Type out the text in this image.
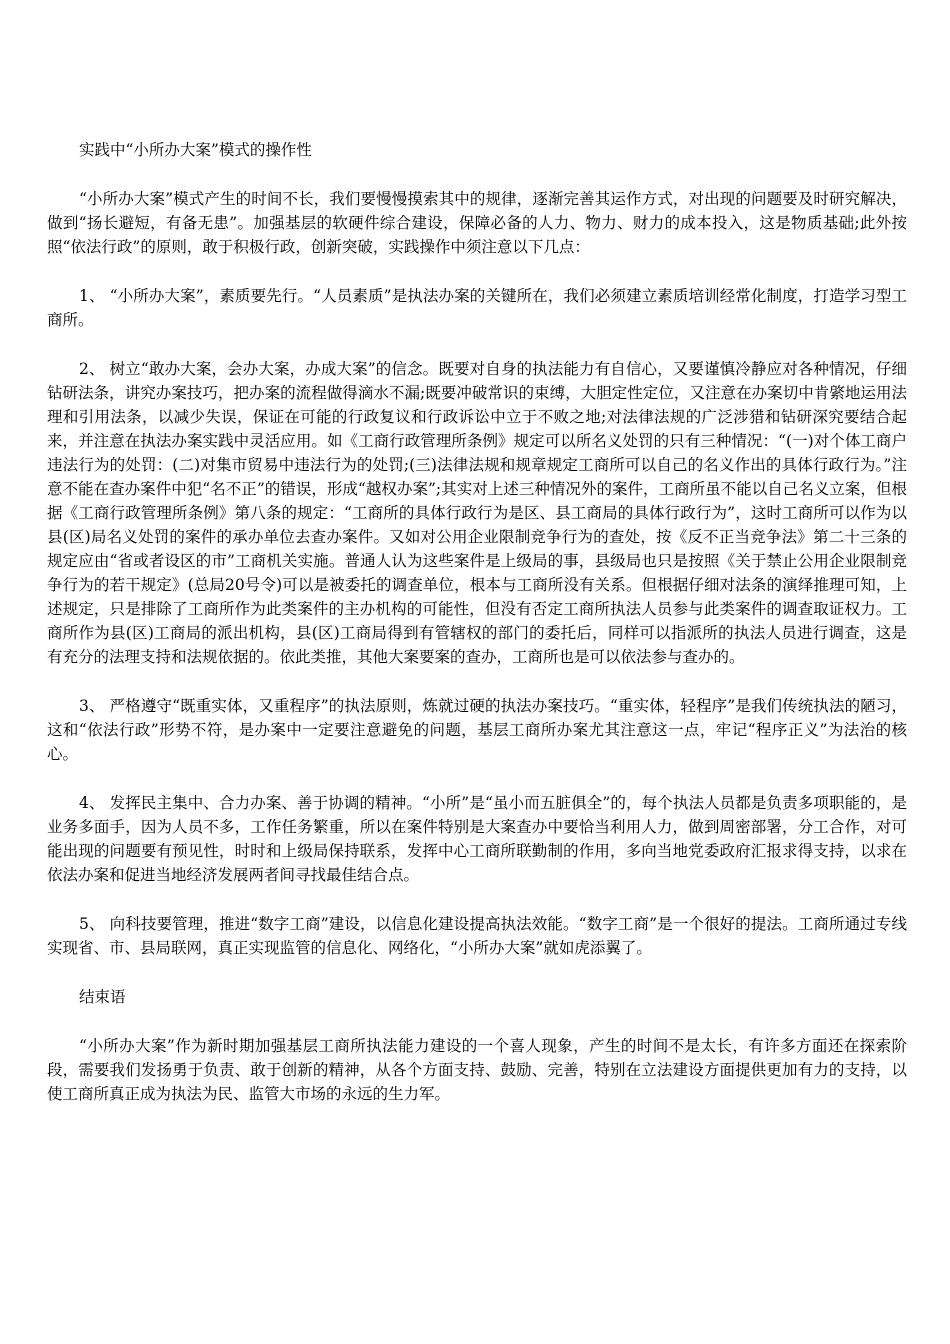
实践中“小所办大案”模式的操作性

“小所办大案”模式产生的时间不长，我们要慢慢摸索其中的规律，逐渐完善其运作方式，对出现的问题要及时研究解决，做到“扬长避短，有备无患”。加强基层的软硬件综合建设，保障必备的人力、物力、财力的成本投入，这是物质基础;此外按照“依法行政”的原则，敢于积极行政，创新突破，实践操作中须注意以下几点：

1、 “小所办大案”，素质要先行。“人员素质”是执法办案的关键所在，我们必须建立素质培训经常化制度，打造学习型工商所。

2、 树立“敢办大案，会办大案，办成大案”的信念。既要对自身的执法能力有自信心，又要谨慎冷静应对各种情况，仔细钻研法条，讲究办案技巧，把办案的流程做得滴水不漏;既要冲破常识的束缚，大胆定性定位，又注意在办案切中肯綮地运用法理和引用法条，以减少失误，保证在可能的行政复议和行政诉讼中立于不败之地;对法律法规的广泛涉猎和钻研深究要结合起来，并注意在执法办案实践中灵活应用。如《工商行政管理所条例》规定可以所名义处罚的只有三种情况：“(一)对个体工商户违法行为的处罚：(二)对集市贸易中违法行为的处罚;(三)法律法规和规章规定工商所可以自己的名义作出的具体行政行为。”注意不能在查办案件中犯“名不正”的错误，形成“越权办案”;其实对上述三种情况外的案件，工商所虽不能以自己名义立案，但根据《工商行政管理所条例》第八条的规定：“工商所的具体行政行为是区、县工商局的具体行政行为”，这时工商所可以作为以县(区)局名义处罚的案件的承办单位去查办案件。又如对公用企业限制竞争行为的查处，按《反不正当竞争法》第二十三条的规定应由“省或者设区的市”工商机关实施。普通人认为这些案件是上级局的事，县级局也只是按照《关于禁止公用企业限制竞争行为的若干规定》(总局20号令)可以是被委托的调查单位，根本与工商所没有关系。但根据仔细对法条的演绎推理可知，上述规定，只是排除了工商所作为此类案件的主办机构的可能性，但没有否定工商所执法人员参与此类案件的调查取证权力。工商所作为县(区)工商局的派出机构，县(区)工商局得到有管辖权的部门的委托后，同样可以指派所的执法人员进行调查，这是有充分的法理支持和法规依据的。依此类推，其他大案要案的查办，工商所也是可以依法参与查办的。

3、 严格遵守“既重实体，又重程序”的执法原则，炼就过硬的执法办案技巧。“重实体，轻程序”是我们传统执法的陋习，这和“依法行政”形势不符，是办案中一定要注意避免的问题，基层工商所办案尤其注意这一点，牢记“程序正义”为法治的核心。

4、 发挥民主集中、合力办案、善于协调的精神。“小所”是“虽小而五脏俱全”的，每个执法人员都是负责多项职能的，是业务多面手，因为人员不多，工作任务繁重，所以在案件特别是大案查办中要恰当利用人力，做到周密部署，分工合作，对可能出现的问题要有预见性，时时和上级局保持联系，发挥中心工商所联勤制的作用，多向当地党委政府汇报求得支持，以求在依法办案和促进当地经济发展两者间寻找最佳结合点。

5、 向科技要管理，推进“数字工商”建设，以信息化建设提高执法效能。“数字工商”是一个很好的提法。工商所通过专线实现省、市、县局联网，真正实现监管的信息化、网络化，“小所办大案”就如虎添翼了。

结束语

“小所办大案”作为新时期加强基层工商所执法能力建设的一个喜人现象，产生的时间不是太长，有许多方面还在探索阶段，需要我们发扬勇于负责、敢于创新的精神，从各个方面支持、鼓励、完善，特别在立法建设方面提供更加有力的支持，以使工商所真正成为执法为民、监管大市场的永远的生力军。
